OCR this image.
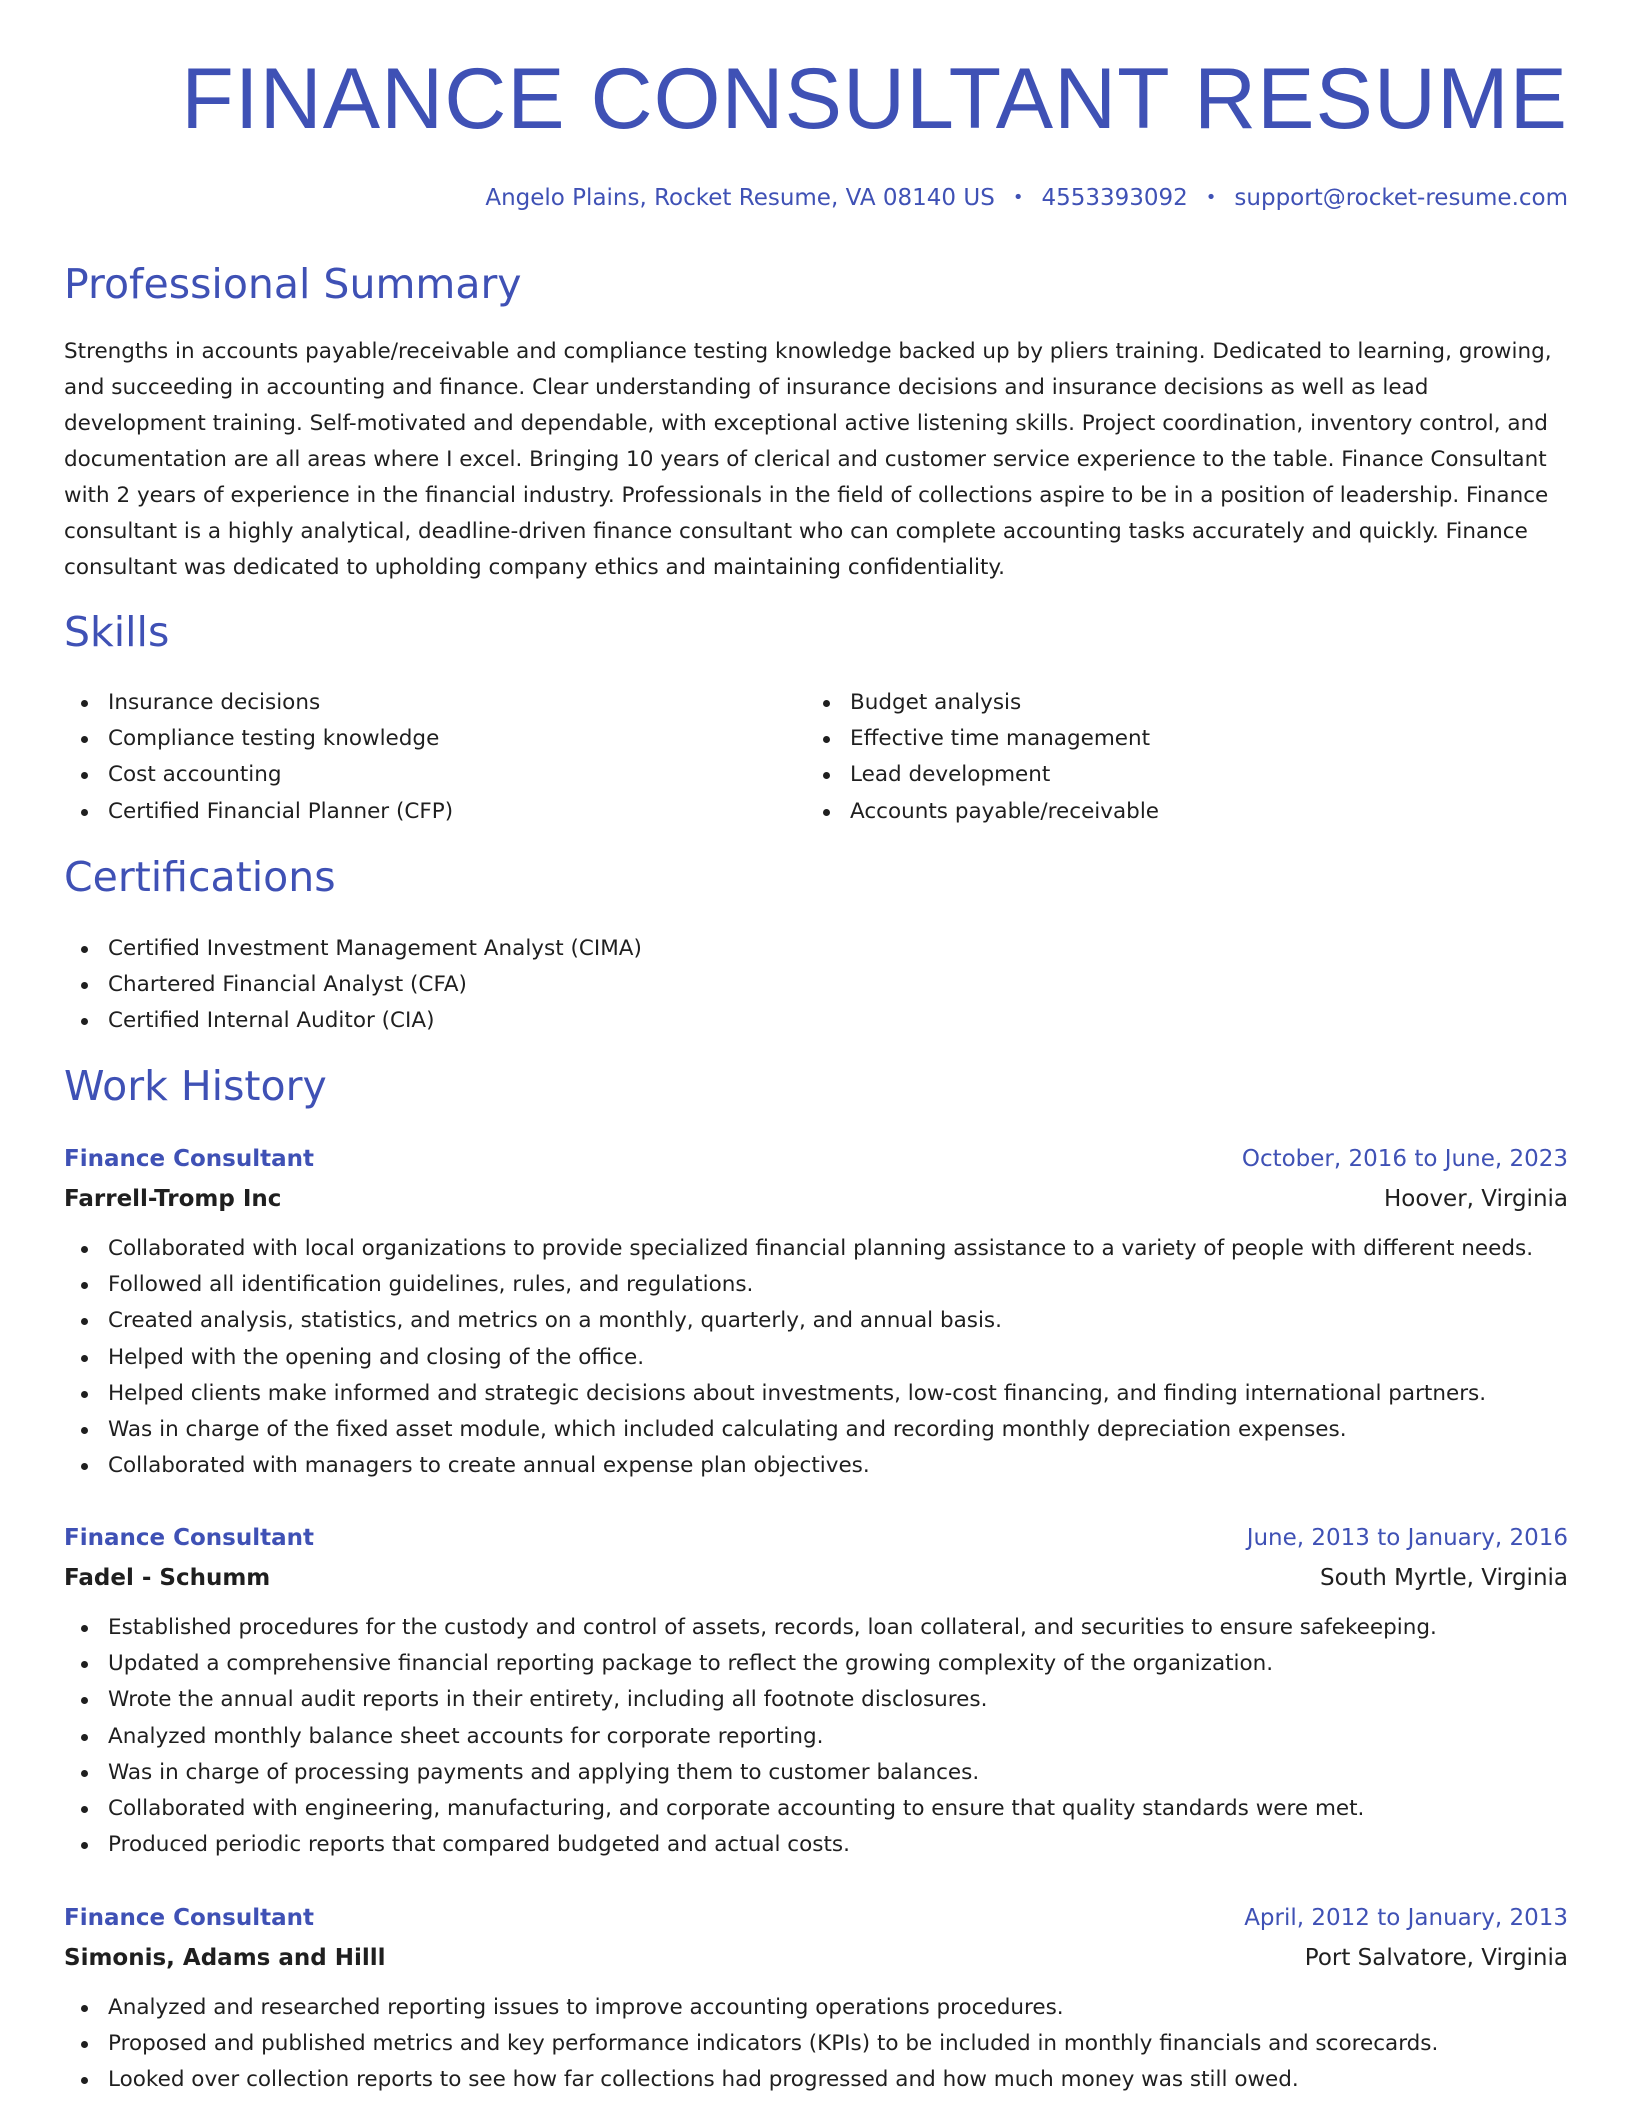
FINANCE CONSULTANT RESUME
Angelo Plains, Rocket Resume, VA 08140 US • 4553393092 • support@rocket-resume.com
Professional Summary

Strengths in accounts payable/receivable and compliance testing knowledge backed up by pliers training. Dedicated to learning, growing, and succeeding in accounting and finance. Clear understanding of insurance decisions and insurance decisions as well as lead development training. Self-motivated and dependable, with exceptional active listening skills. Project coordination, inventory control, and documentation are all areas where I excel. Bringing 10 years of clerical and customer service experience to the table. Finance Consultant with 2 years of experience in the financial industry. Professionals in the field of collections aspire to be in a position of leadership. Finance consultant is a highly analytical, deadline-driven finance consultant who can complete accounting tasks accurately and quickly. Finance consultant was dedicated to upholding company ethics and maintaining confidentiality.

Skills
Insurance decisions
Compliance testing knowledge
Cost accounting
Certified Financial Planner (CFP)
Budget analysis
Effective time management
Lead development
Accounts payable/receivable
Certifications
Certified Investment Management Analyst (CIMA)
Chartered Financial Analyst (CFA)
Certified Internal Auditor (CIA)
Work History
Finance Consultant	October, 2016 to June, 2023
Farrell-Tromp Inc	Hoover, Virginia
Collaborated with local organizations to provide specialized financial planning assistance to a variety of people with different needs.
Followed all identification guidelines, rules, and regulations.
Created analysis, statistics, and metrics on a monthly, quarterly, and annual basis.
Helped with the opening and closing of the office.
Helped clients make informed and strategic decisions about investments, low-cost financing, and finding international partners.
Was in charge of the fixed asset module, which included calculating and recording monthly depreciation expenses.
Collaborated with managers to create annual expense plan objectives.
Finance Consultant	June, 2013 to January, 2016
Fadel - Schumm	South Myrtle, Virginia
Established procedures for the custody and control of assets, records, loan collateral, and securities to ensure safekeeping.
Updated a comprehensive financial reporting package to reflect the growing complexity of the organization.
Wrote the annual audit reports in their entirety, including all footnote disclosures.
Analyzed monthly balance sheet accounts for corporate reporting.
Was in charge of processing payments and applying them to customer balances.
Collaborated with engineering, manufacturing, and corporate accounting to ensure that quality standards were met.
Produced periodic reports that compared budgeted and actual costs.
Finance Consultant	April, 2012 to January, 2013
Simonis, Adams and Hilll	Port Salvatore, Virginia
Analyzed and researched reporting issues to improve accounting operations procedures.
Proposed and published metrics and key performance indicators (KPIs) to be included in monthly financials and scorecards.
Looked over collection reports to see how far collections had progressed and how much money was still owed.
